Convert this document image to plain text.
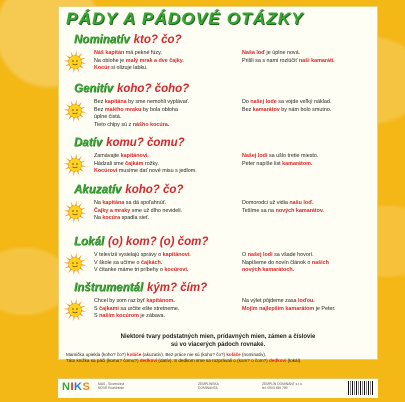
PÁDY A PÁDOVÉ OTÁZKY
Nominatív kto? čo?
Náš kapitán má pekné fúzy.
Na oblohe je malý mrak a dve čajky.
Kocúr si olizuje labku.
Naša loď je úplne nová.
Prišli sa s nami rozlúčiť naši kamaráti.
Genitív koho? čoho?
Bez kapitána by sme nemohli vyplávať.
Bez malého mraku by bola obloha
úplne čistá.
Tieto chlpy sú z nášho kocúra.
Do našej lode sa vojde veľký náklad.
Bez kamarátov by nám bolo smutno.
Datív komu? čomu?
Zamávajte kapitánovi.
Hádzali sme čajkám rožky.
Kocúrovi musíme dať nové misu s jedlom.
Našej lodi sa ušlo tretie miesto.
Peter napíše list kamarátom.
Akuzatív koho? čo?
Na kapitána sa dá spoľahnúť.
Čajky a mraky sme už dlho nevideli.
Na kocúra spadla sieť.
Domorodci už vidia našu loď.
Tešíme sa na nových kamarátov.
Lokál (o) kom? (o) čom?
V televízii vysielajú správy o kapitánovi.
V škole sa učíme o čajkách.
V čítanke máme tri príbehy o kocúrovi.
O našej lodi sa všade hovorí.
Napíšeme do novín článok o našich
nových kamarátoch.
Inštrumentál kým? čím?
Chcel by som raz byť kapitánom.
S čajkami sa určite ešte stretneme.
S naším kocúrom je zábava.
Na výlet pôjdeme zasa loďou.
Mojím najlepším kamarátom je Peter.
Niektoré tvary podstatných mien, prídavných mien, zámen a číslovie
sú vo viacerých pádoch rovnaké.
Mamička upiekla (koho? čo?) koláče (akuzatív). Bez práce nie sú (koho? čo?) koláče (nominatív).
Táto knižka sa páči (komu? čomu?) dedkovi (datív). S dedkom sme sa rozprávali o (kom? o čom?) dedkovi (lokál).
NIKS MAS - Slovenčina
NOVÉ Rozšírenie
ZEMPLÍNSKA
DOMINANTA
ZEMPLÍN DOMINANT s.r.o.
tel: 0903 456 789
